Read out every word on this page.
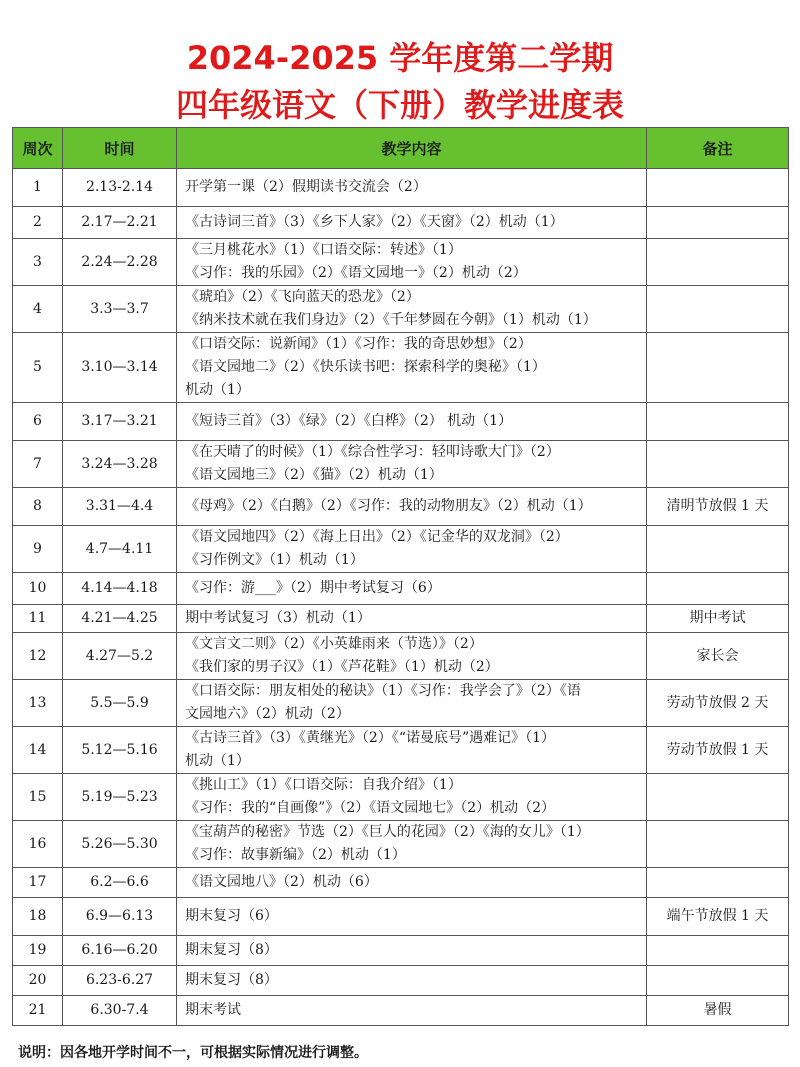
2024-2025 学年度第二学期
四年级语文（下册）教学进度表
周次	时间	教学内容	备注
1	2.13-2.14	开学第一课（2）假期读书交流会（2）	

2	2.17—2.21	《古诗词三首》（3）《乡下人家》（2）《天窗》（2）机动（1）	

3	2.24—2.28	《三月桃花水》（1）《口语交际：转述》（1）
《习作：我的乐园》（2）《语文园地一》（2）机动（2）	

4	3.3—3.7	《琥珀》（2）《飞向蓝天的恐龙》（2）
《纳米技术就在我们身边》（2）《千年梦圆在今朝》（1）机动（1）	

5	3.10—3.14	《口语交际：说新闻》（1）《习作：我的奇思妙想》（2）
《语文园地二》（2）《快乐读书吧：探索科学的奥秘》（1）
机动（1）	

6	3.17—3.21	《短诗三首》（3）《绿》（2）《白桦》（2） 机动（1）	

7	3.24—3.28	《在天晴了的时候》（1）《综合性学习：轻叩诗歌大门》（2）
《语文园地三》（2）《猫》（2）机动（1）	

8	3.31—4.4	《母鸡》（2）《白鹅》（2）《习作：我的动物朋友》（2）机动（1）	清明节放假 1 天
9	4.7—4.11	《语文园地四》（2）《海上日出》（2）《记金华的双龙洞》（2）
《习作例文》（1）机动（1）	

10	4.14—4.18	《习作：游___》（2）期中考试复习（6）	

11	4.21—4.25	期中考试复习（3）机动（1）	期中考试
12	4.27—5.2	《文言文二则》（2）《小英雄雨来（节选）》（2）
《我们家的男子汉》（1）《芦花鞋》（1）机动（2）	家长会
13	5.5—5.9	《口语交际：朋友相处的秘诀》（1）《习作：我学会了》（2）《语
文园地六》（2）机动（2）	劳动节放假 2 天
14	5.12—5.16	《古诗三首》（3）《黄继光》（2）《“诺曼底号”遇难记》（1）
机动（1）	劳动节放假 1 天
15	5.19—5.23	《挑山工》（1）《口语交际：自我介绍》（1）
《习作：我的“自画像”》（2）《语文园地七》（2）机动（2）	

16	5.26—5.30	《宝葫芦的秘密》节选（2）《巨人的花园》（2）《海的女儿》（1）
《习作：故事新编》（2）机动（1）	

17	6.2—6.6	《语文园地八》（2）机动（6）	

18	6.9—6.13	期末复习（6）	端午节放假 1 天
19	6.16—6.20	期末复习（8）	

20	6.23-6.27	期末复习（8）	

21	6.30-7.4	期末考试	暑假
说明：因各地开学时间不一，可根据实际情况进行调整。
